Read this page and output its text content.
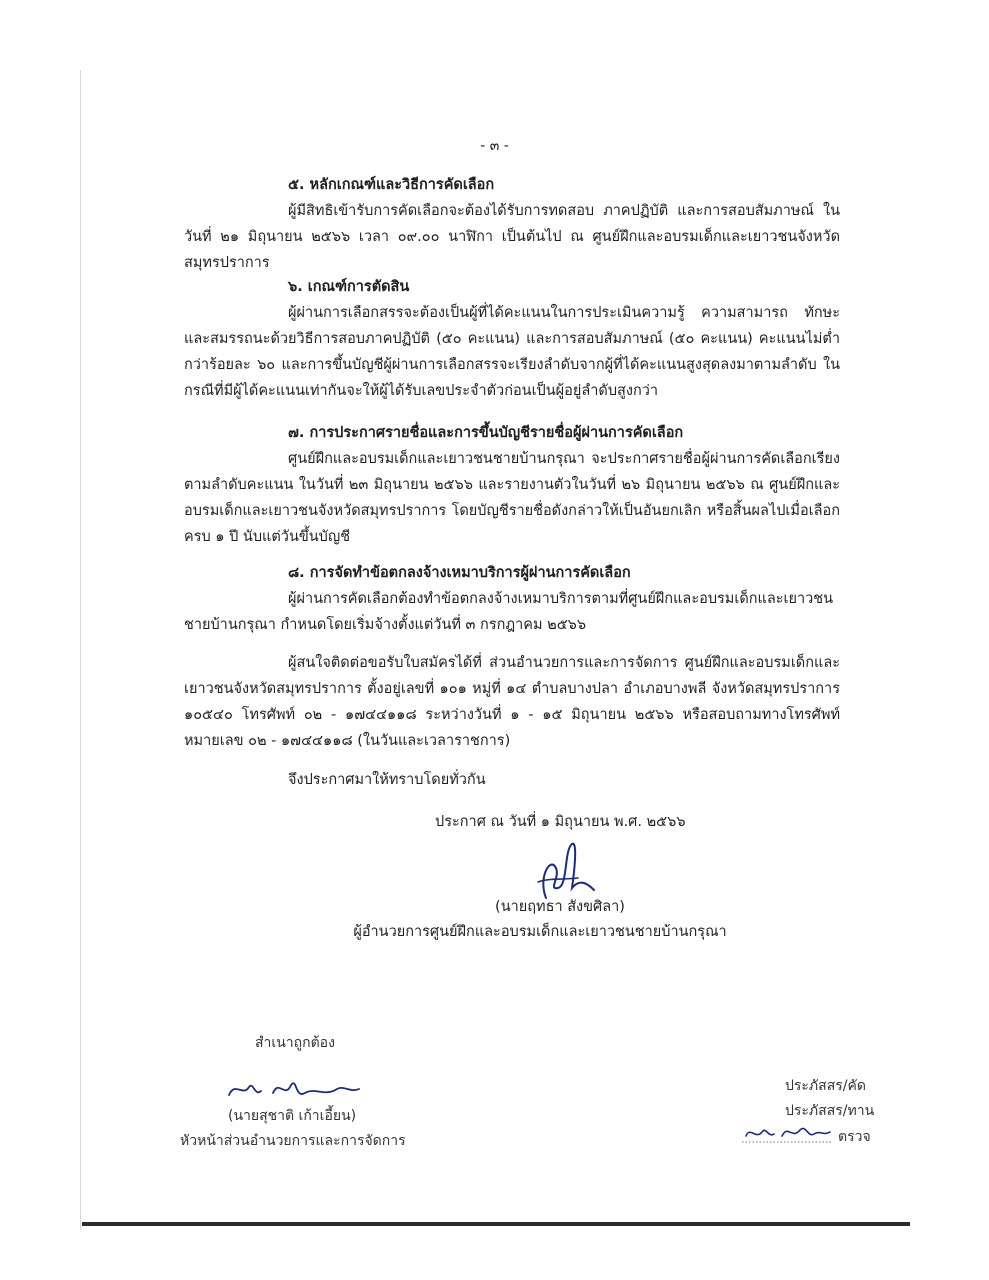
- ๓ -
๕. หลักเกณฑ์และวิธีการคัดเลือก
ผู้มีสิทธิเข้ารับการคัดเลือกจะต้องได้รับการทดสอบ ภาคปฏิบัติ และการสอบสัมภาษณ์ ในวันที่ ๒๑ มิถุนายน ๒๕๖๖ เวลา ๐๙.๐๐ นาฬิกา เป็นต้นไป ณ ศูนย์ฝึกและอบรมเด็กและเยาวชนจังหวัดสมุทรปราการ
๖. เกณฑ์การตัดสิน
ผู้ผ่านการเลือกสรรจะต้องเป็นผู้ที่ได้คะแนนในการประเมินความรู้ ความสามารถ ทักษะ และสมรรถนะด้วยวิธีการสอบภาคปฏิบัติ (๕๐ คะแนน) และการสอบสัมภาษณ์ (๕๐ คะแนน) คะแนนไม่ต่ำกว่าร้อยละ ๖๐ และการขึ้นบัญชีผู้ผ่านการเลือกสรรจะเรียงลำดับจากผู้ที่ได้คะแนนสูงสุดลงมาตามลำดับ ในกรณีที่มีผู้ได้คะแนนเท่ากันจะให้ผู้ได้รับเลขประจำตัวก่อนเป็นผู้อยู่ลำดับสูงกว่า
๗. การประกาศรายชื่อและการขึ้นบัญชีรายชื่อผู้ผ่านการคัดเลือก
ศูนย์ฝึกและอบรมเด็กและเยาวชนชายบ้านกรุณา จะประกาศรายชื่อผู้ผ่านการคัดเลือกเรียงตามลำดับคะแนน ในวันที่ ๒๓ มิถุนายน ๒๕๖๖ และรายงานตัวในวันที่ ๒๖ มิถุนายน ๒๕๖๖ ณ ศูนย์ฝึกและอบรมเด็กและเยาวชนจังหวัดสมุทรปราการ โดยบัญชีรายชื่อดังกล่าวให้เป็นอันยกเลิก หรือสิ้นผลไปเมื่อเลือกครบ ๑ ปี นับแต่วันขึ้นบัญชี
๘. การจัดทำข้อตกลงจ้างเหมาบริการผู้ผ่านการคัดเลือก
ผู้ผ่านการคัดเลือกต้องทำข้อตกลงจ้างเหมาบริการตามที่ศูนย์ฝึกและอบรมเด็กและเยาวชนชายบ้านกรุณา กำหนดโดยเริ่มจ้างตั้งแต่วันที่ ๓ กรกฎาคม ๒๕๖๖
ผู้สนใจติดต่อขอรับใบสมัครได้ที่ ส่วนอำนวยการและการจัดการ ศูนย์ฝึกและอบรมเด็กและเยาวชนจังหวัดสมุทรปราการ ตั้งอยู่เลขที่ ๑๐๑ หมู่ที่ ๑๔ ตำบลบางปลา อำเภอบางพลี จังหวัดสมุทรปราการ ๑๐๕๔๐ โทรศัพท์ ๐๒ - ๑๗๔๔๑๑๘ ระหว่างวันที่ ๑ - ๑๕ มิถุนายน ๒๕๖๖ หรือสอบถามทางโทรศัพท์ หมายเลข ๐๒ - ๑๗๔๔๑๑๘ (ในวันและเวลาราชการ)
จึงประกาศมาให้ทราบโดยทั่วกัน
ประกาศ ณ วันที่ ๑ มิถุนายน พ.ศ. ๒๕๖๖
(นายฤทธา สังขศิลา)
ผู้อำนวยการศูนย์ฝึกและอบรมเด็กและเยาวชนชายบ้านกรุณา
สำเนาถูกต้อง
(นายสุชาติ เก้าเอี้ยน)
หัวหน้าส่วนอำนวยการและการจัดการ
ประภัสสร/คัด
ประภัสสร/ทาน
ตรวจ
